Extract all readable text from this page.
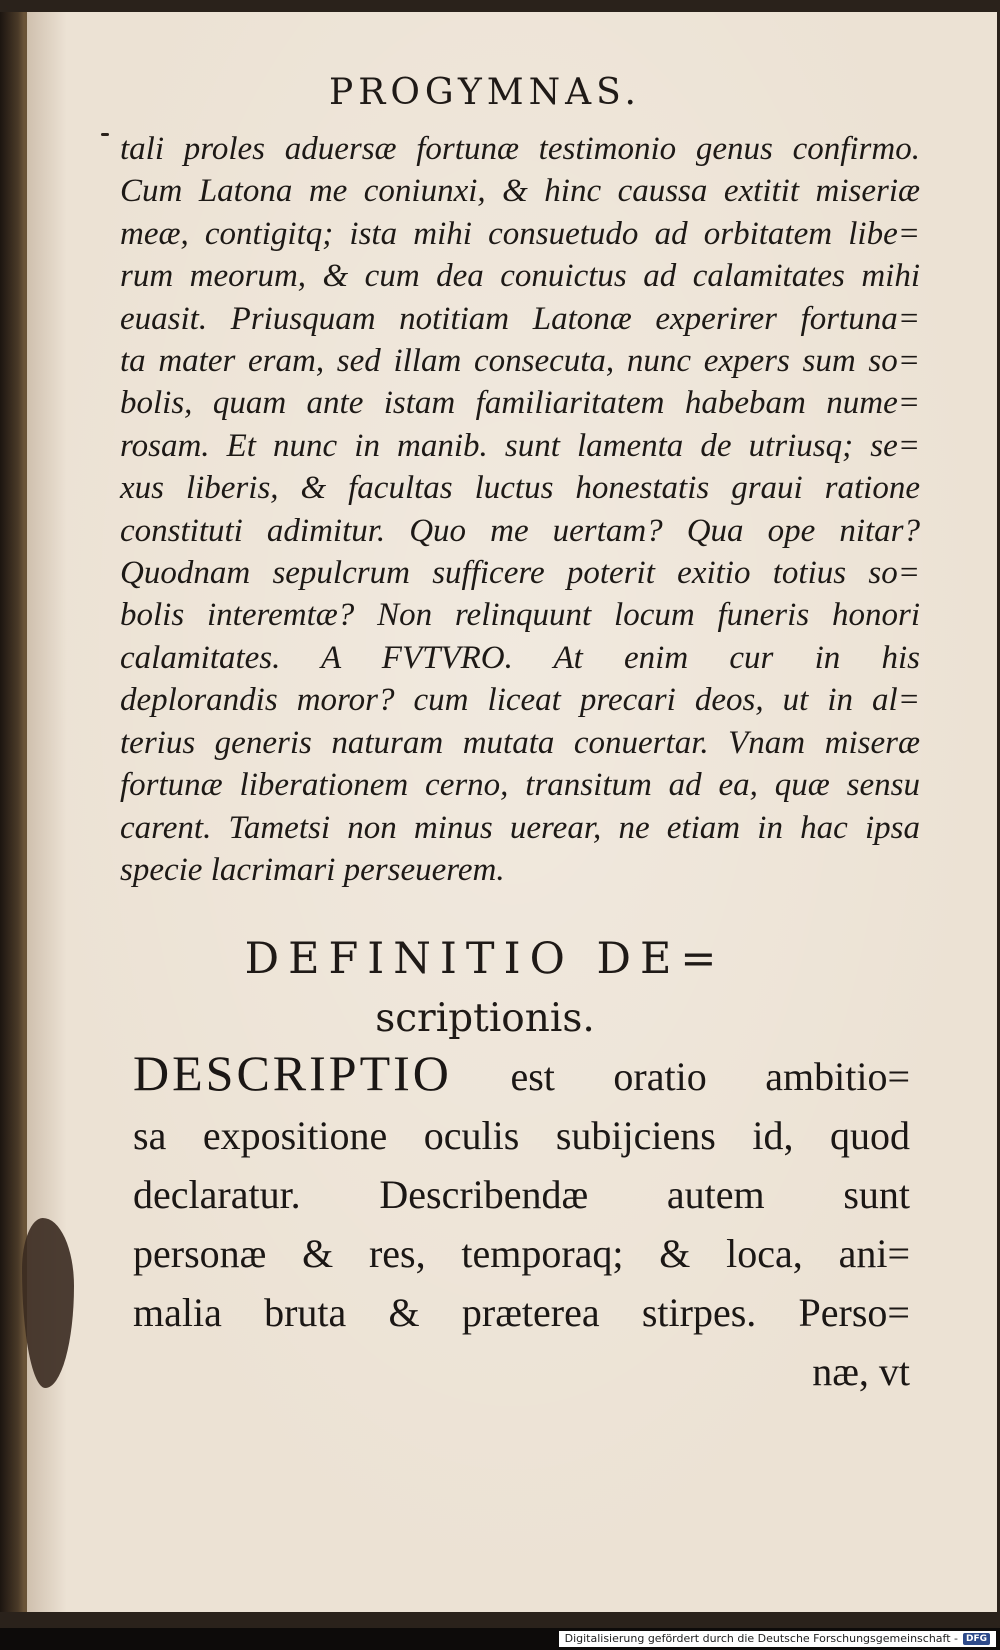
PROGYMNAS.
tali proles aduersæ fortunæ testimonio genus confirmo.
Cum Latona me coniunxi, & hinc caussa extitit miseriæ
meæ, contigitq; ista mihi consuetudo ad orbitatem libe=
rum meorum, & cum dea conuictus ad calamitates mihi
euasit. Priusquam notitiam Latonæ experirer fortuna=
ta mater eram, sed illam consecuta, nunc expers sum so=
bolis, quam ante istam familiaritatem habebam nume=
rosam. Et nunc in manib. sunt lamenta de utriusq; se=
xus liberis, & facultas luctus honestatis graui ratione
constituti adimitur. Quo me uertam? Qua ope nitar?
Quodnam sepulcrum sufficere poterit exitio totius so=
bolis interemtæ? Non relinquunt locum funeris honori
calamitates. A FVTVRO. At enim cur in his
deplorandis moror? cum liceat precari deos, ut in al=
terius generis naturam mutata conuertar. Vnam miseræ
fortunæ liberationem cerno, transitum ad ea, quæ sensu
carent. Tametsi non minus uerear, ne etiam in hac ipsa
specie lacrimari perseuerem.
DEFINITIO DE=
scriptionis.
DESCRIPTIO est oratio ambitio=
sa expositione oculis subijciens id, quod
declaratur. Describendæ autem sunt
personæ & res, temporaq; & loca, ani=
malia bruta & præterea stirpes. Perso=
næ, vt
Digitalisierung gefördert durch die Deutsche Forschungsgemeinschaft - DFG
